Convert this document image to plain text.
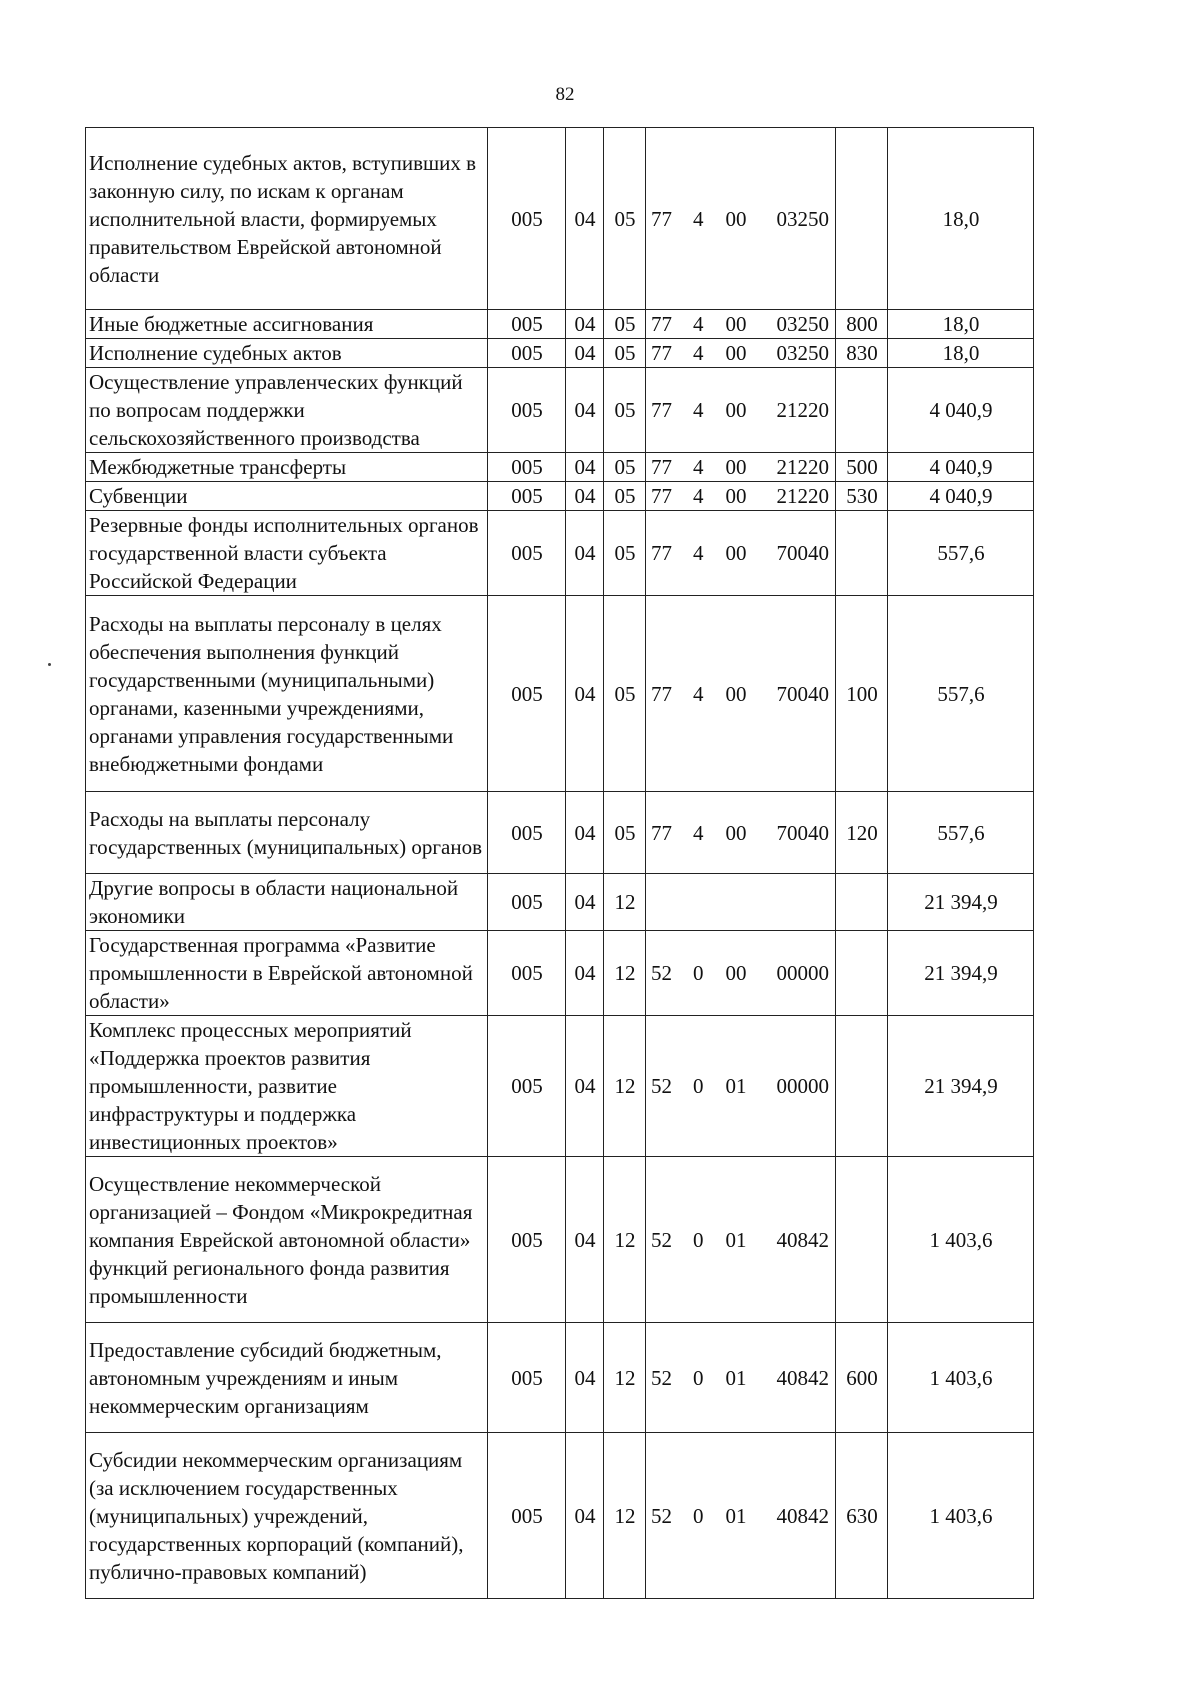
82
Исполнение судебных актов, вступивших в законную силу, по искам к органам исполнительной власти, формируемых правительством Еврейской автономной области	005	04	05	77 4 00 03250		18,0
Иные бюджетные ассигнования	005	04	05	77 4 00 03250	800	18,0
Исполнение судебных актов	005	04	05	77 4 00 03250	830	18,0
Осуществление управленческих функций по вопросам поддержки сельскохозяйственного производства	005	04	05	77 4 00 21220		4 040,9
Межбюджетные трансферты	005	04	05	77 4 00 21220	500	4 040,9
Субвенции	005	04	05	77 4 00 21220	530	4 040,9
Резервные фонды исполнительных органов государственной власти субъекта Российской Федерации	005	04	05	77 4 00 70040		557,6
Расходы на выплаты персоналу в целях обеспечения выполнения функций государственными (муниципальными) органами, казенными учреждениями, органами управления государственными внебюджетными фондами	005	04	05	77 4 00 70040	100	557,6
Расходы на выплаты персоналу государственных (муниципальных) органов	005	04	05	77 4 00 70040	120	557,6
Другие вопросы в области национальной экономики	005	04	12			21 394,9
Государственная программа «Развитие промышленности в Еврейской автономной области»	005	04	12	52 0 00 00000		21 394,9
Комплекс процессных мероприятий «Поддержка проектов развития промышленности, развитие инфраструктуры и поддержка инвестиционных проектов»	005	04	12	52 0 01 00000		21 394,9
Осуществление некоммерческой организацией – Фондом «Микрокредитная компания Еврейской автономной области» функций регионального фонда развития промышленности	005	04	12	52 0 01 40842		1 403,6
Предоставление субсидий бюджетным, автономным учреждениям и иным некоммерческим организациям	005	04	12	52 0 01 40842	600	1 403,6
Субсидии некоммерческим организациям (за исключением государственных (муниципальных) учреждений, государственных корпораций (компаний), публично-правовых компаний)	005	04	12	52 0 01 40842	630	1 403,6
